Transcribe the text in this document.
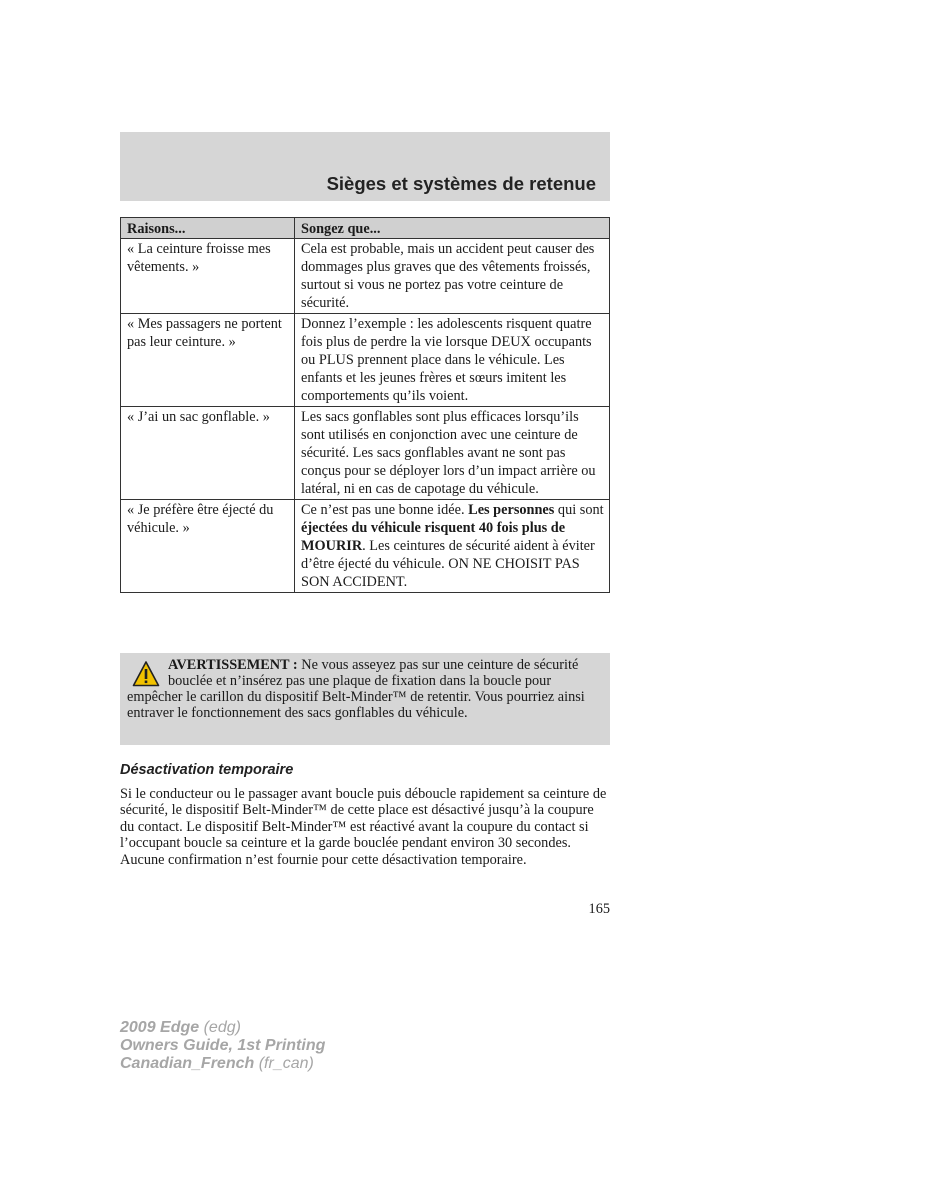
Sièges et systèmes de retenue
Raisons...	Songez que...
« La ceinture froisse mes vêtements. »	Cela est probable, mais un accident peut causer des dommages plus graves que des vêtements froissés, surtout si vous ne portez pas votre ceinture de sécurité.
« Mes passagers ne portent pas leur ceinture. »	Donnez l’exemple : les adolescents risquent quatre fois plus de perdre la vie lorsque DEUX occupants ou PLUS prennent place dans le véhicule. Les enfants et les jeunes frères et sœurs imitent les comportements qu’ils voient.
« J’ai un sac gonflable. »	Les sacs gonflables sont plus efficaces lorsqu’ils sont utilisés en conjonction avec une ceinture de sécurité. Les sacs gonflables avant ne sont pas conçus pour se déployer lors d’un impact arrière ou latéral, ni en cas de capotage du véhicule.
« Je préfère être éjecté du véhicule. »	Ce n’est pas une bonne idée. Les personnes qui sont éjectées du véhicule risquent 40 fois plus de MOURIR. Les ceintures de sécurité aident à éviter d’être éjecté du véhicule. ON NE CHOISIT PAS SON ACCIDENT.
AVERTISSEMENT : Ne vous asseyez pas sur une ceinture de sécurité bouclée et n’insérez pas une plaque de fixation dans la boucle pour empêcher le carillon du dispositif Belt-Minder™ de retentir. Vous pourriez ainsi entraver le fonctionnement des sacs gonflables du véhicule.
Désactivation temporaire
Si le conducteur ou le passager avant boucle puis déboucle rapidement sa ceinture de sécurité, le dispositif Belt-Minder™ de cette place est désactivé jusqu’à la coupure du contact. Le dispositif Belt-Minder™ est réactivé avant la coupure du contact si l’occupant boucle sa ceinture et la garde bouclée pendant environ 30 secondes. Aucune confirmation n’est fournie pour cette désactivation temporaire.
165
2009 Edge (edg)
Owners Guide, 1st Printing
Canadian_French (fr_can)
